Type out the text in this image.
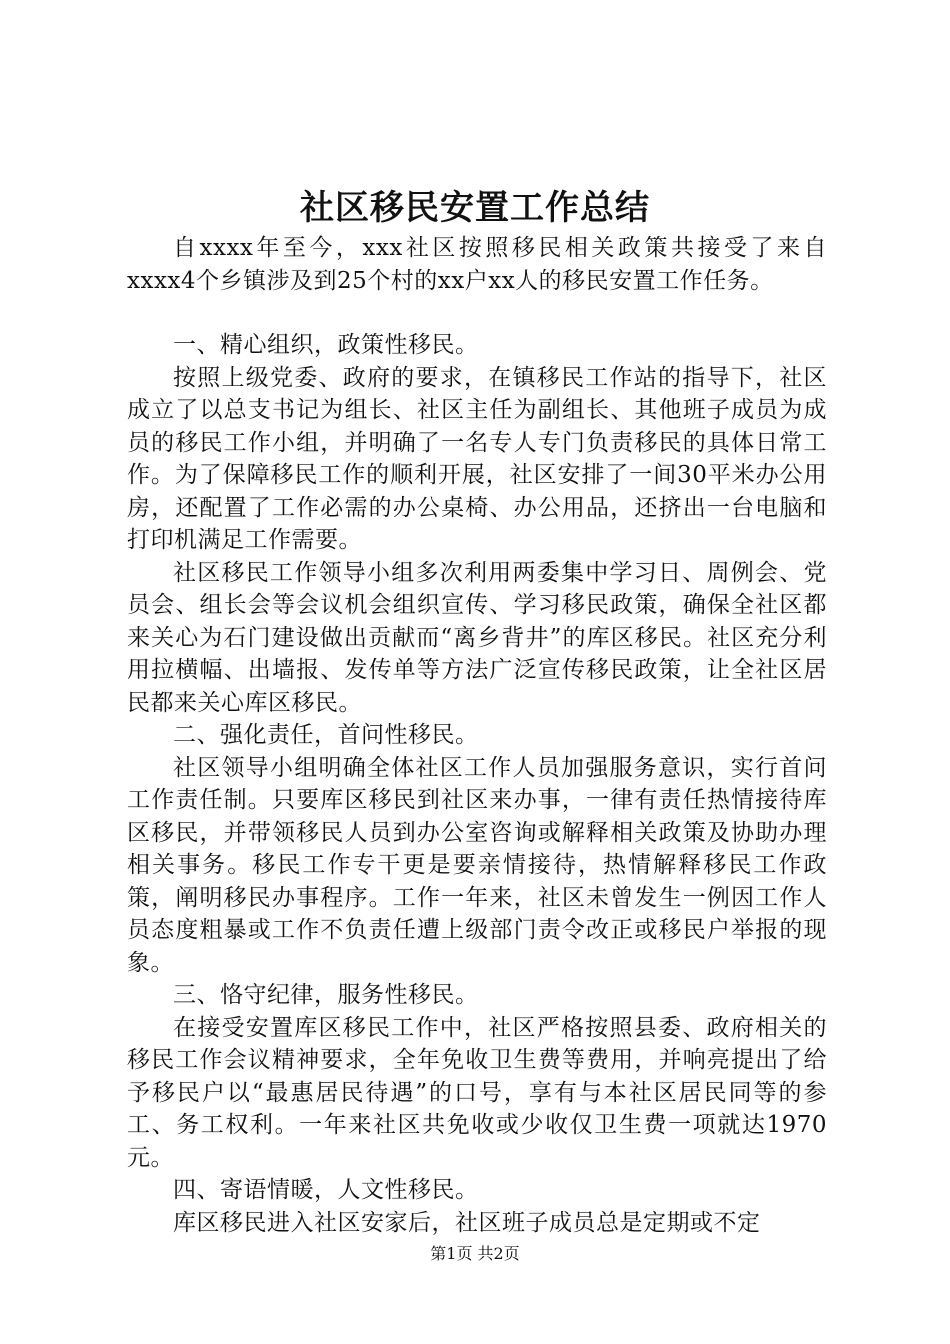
社区移民安置工作总结

自xxxx年至今，xxx社区按照移民相关政策共接受了来自xxxx4个乡镇涉及到25个村的xx户xx人的移民安置工作任务。

一、精心组织，政策性移民。

按照上级党委、政府的要求，在镇移民工作站的指导下，社区成立了以总支书记为组长、社区主任为副组长、其他班子成员为成员的移民工作小组，并明确了一名专人专门负责移民的具体日常工作。为了保障移民工作的顺利开展，社区安排了一间30平米办公用房，还配置了工作必需的办公桌椅、办公用品，还挤出一台电脑和打印机满足工作需要。

社区移民工作领导小组多次利用两委集中学习日、周例会、党员会、组长会等会议机会组织宣传、学习移民政策，确保全社区都来关心为石门建设做出贡献而“离乡背井”的库区移民。社区充分利用拉横幅、出墙报、发传单等方法广泛宣传移民政策，让全社区居民都来关心库区移民。

二、强化责任，首问性移民。

社区领导小组明确全体社区工作人员加强服务意识，实行首问工作责任制。只要库区移民到社区来办事，一律有责任热情接待库区移民，并带领移民人员到办公室咨询或解释相关政策及协助办理相关事务。移民工作专干更是要亲情接待，热情解释移民工作政策，阐明移民办事程序。工作一年来，社区未曾发生一例因工作人员态度粗暴或工作不负责任遭上级部门责令改正或移民户举报的现象。

三、恪守纪律，服务性移民。

在接受安置库区移民工作中，社区严格按照县委、政府相关的移民工作会议精神要求，全年免收卫生费等费用，并响亮提出了给予移民户以“最惠居民待遇”的口号，享有与本社区居民同等的参工、务工权利。一年来社区共免收或少收仅卫生费一项就达1970元。

四、寄语情暖，人文性移民。

库区移民进入社区安家后，社区班子成员总是定期或不定

第1页 共2页
